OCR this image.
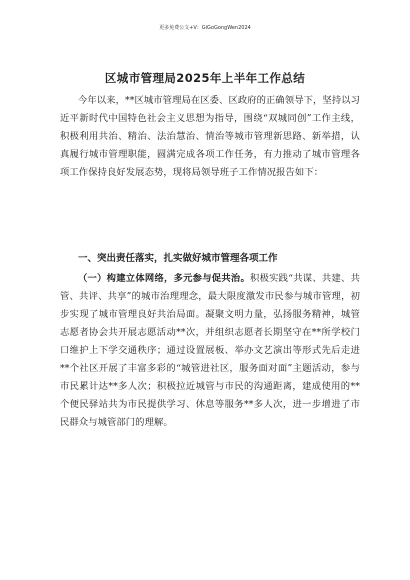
更多免费公文+V：GiGoGongWen2024
区城市管理局2025年上半年工作总结
今年以来，**区城市管理局在区委、区政府的正确领导下，坚持以习近平新时代中国特色社会主义思想为指导，围绕“双城同创”工作主线，积极利用共治、精治、法治慧治、情治等城市管理新思路、新举措，认真履行城市管理职能，圆满完成各项工作任务，有力推动了城市管理各项工作保持良好发展态势，现将局领导班子工作情况报告如下：
一、突出责任落实，扎实做好城市管理各项工作
（一）构建立体网络，多元参与促共治。积极实践“共谋、共建、共管、共评、共享”的城市治理理念，最大限度激发市民参与城市管理，初步实现了城市管理良好共治局面。凝聚文明力量，弘扬服务精神，城管志愿者协会共开展志愿活动**次，并组织志愿者长期坚守在**所学校门口维护上下学交通秩序；通过设置展板、举办文艺演出等形式先后走进**个社区开展了丰富多彩的“城管进社区，服务面对面”主题活动，参与市民累计达**多人次；积极拉近城管与市民的沟通距离，建成使用的**个便民驿站共为市民提供学习、休息等服务**多人次，进一步增进了市民群众与城管部门的理解。
